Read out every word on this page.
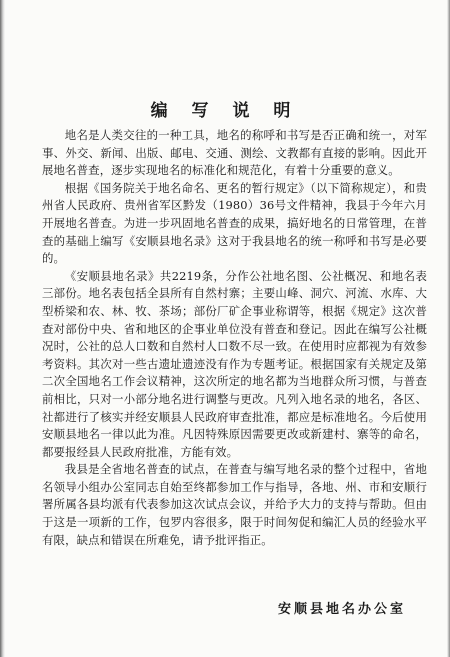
编 写 说 明

地名是人类交往的一种工具，地名的称呼和书写是否正确和统一，对军事、外交、新闻、出版、邮电、交通、测绘、文教都有直接的影响。因此开展地名普查，逐步实现地名的标准化和规范化，有着十分重要的意义。

根据《国务院关于地名命名、更名的暂行规定》（以下简称规定），和贵州省人民政府、贵州省军区黔发（1980）36号文件精神，我县于今年六月开展地名普查。为进一步巩固地名普查的成果，搞好地名的日常管理，在普查的基础上编写《安顺县地名录》这对于我县地名的统一称呼和书写是必要的。

《安顺县地名录》共2219条，分作公社地名图、公社概况、和地名表三部份。地名表包括全县所有自然村寨；主要山峰、洞穴、河流、水库、大型桥梁和农、林、牧、茶场；部份厂矿企事业称谓等，根据《规定》这次普查对部份中央、省和地区的企事业单位没有普查和登记。因此在编写公社概况时，公社的总人口数和自然村人口数不尽一致。在使用时应都视为有效参考资料。其次对一些古遗址遗迹没有作为专题考证。根据国家有关规定及第二次全国地名工作会议精神，这次所定的地名都为当地群众所习惯，与普查前相比，只对一小部分地名进行调整与更改。凡列入地名录的地名，各区、社都进行了核实并经安顺县人民政府审查批准，都应是标准地名。今后使用安顺县地名一律以此为准。凡因特殊原因需要更改或新建村、寨等的命名，都要报经县人民政府批准，方能有效。

我县是全省地名普查的试点，在普查与编写地名录的整个过程中，省地名领导小组办公室同志自始至终都参加工作与指导，各地、州、市和安顺行署所属各县均派有代表参加这次试点会议，并给予大力的支持与帮助。但由于这是一项新的工作，包罗内容很多，限于时间匆促和编汇人员的经验水平有限，缺点和错误在所难免，请予批评指正。

安顺县地名办公室
